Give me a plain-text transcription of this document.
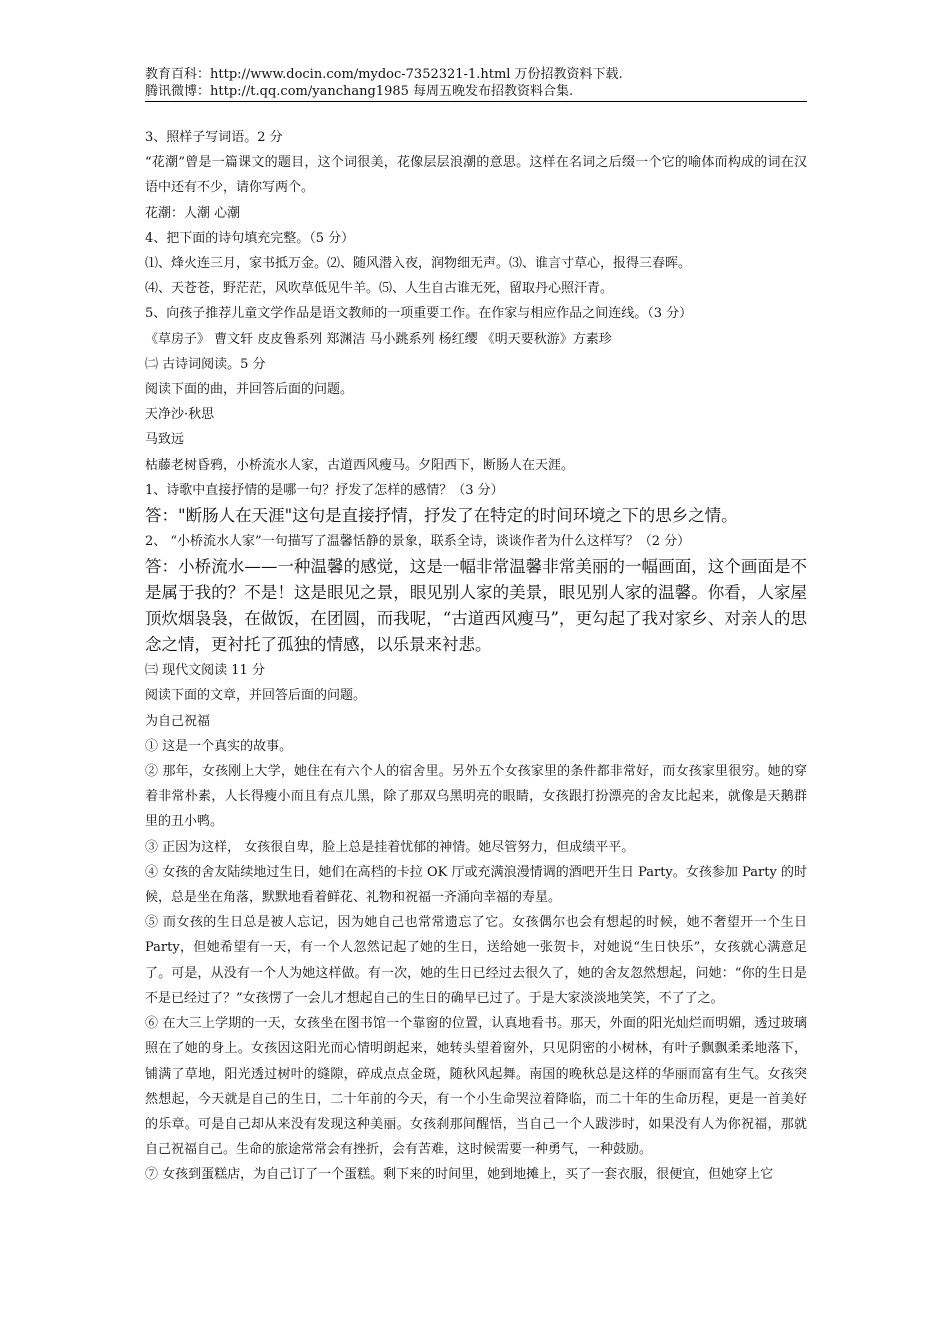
教育百科：http://www.docin.com/mydoc-7352321-1.html 万份招教资料下载.
腾讯微博：http://t.qq.com/yanchang1985 每周五晚发布招教资料合集.

3、照样子写词语。2 分

“花潮”曾是一篇课文的题目，这个词很美，花像层层浪潮的意思。这样在名词之后缀一个它的喻体而构成的词在汉语中还有不少，请你写两个。

花潮：人潮 心潮

4、把下面的诗句填充完整。（5 分）

⑴、烽火连三月，家书抵万金。⑵、随风潜入夜，润物细无声。⑶、谁言寸草心，报得三春晖。

⑷、天苍苍，野茫茫，风吹草低见牛羊。⑸、人生自古谁无死，留取丹心照汗青。

5、向孩子推荐儿童文学作品是语文教师的一项重要工作。在作家与相应作品之间连线。（3 分）

《草房子》 曹文轩 皮皮鲁系列 郑渊洁 马小跳系列 杨红缨 《明天要秋游》方素珍

㈡ 古诗词阅读。5 分

阅读下面的曲，并回答后面的问题。

天净沙·秋思

马致远

枯藤老树昏鸦，小桥流水人家，古道西风瘦马。夕阳西下，断肠人在天涯。

1、诗歌中直接抒情的是哪一句？抒发了怎样的感情？（3 分）

答："断肠人在天涯"这句是直接抒情，抒发了在特定的时间环境之下的思乡之情。

2、 “小桥流水人家”一句描写了温馨恬静的景象，联系全诗，谈谈作者为什么这样写？（2 分）

答：小桥流水——一种温馨的感觉，这是一幅非常温馨非常美丽的一幅画面，这个画面是不是属于我的？不是！这是眼见之景，眼见别人家的美景，眼见别人家的温馨。你看，人家屋顶炊烟袅袅，在做饭，在团圆，而我呢，“古道西风瘦马”，更勾起了我对家乡、对亲人的思念之情，更衬托了孤独的情感，以乐景来衬悲。

㈢ 现代文阅读 11 分

阅读下面的文章，并回答后面的问题。

为自己祝福

① 这是一个真实的故事。

② 那年，女孩刚上大学，她住在有六个人的宿舍里。另外五个女孩家里的条件都非常好，而女孩家里很穷。她的穿着非常朴素，人长得瘦小而且有点儿黑，除了那双乌黑明亮的眼睛，女孩跟打扮漂亮的舍友比起来，就像是天鹅群里的丑小鸭。

③ 正因为这样， 女孩很自卑，脸上总是挂着忧郁的神情。她尽管努力，但成绩平平。

④ 女孩的舍友陆续地过生日，她们在高档的卡拉 OK 厅或充满浪漫情调的酒吧开生日 Party。女孩参加 Party 的时候，总是坐在角落，默默地看着鲜花、礼物和祝福一齐涌向幸福的寿星。

⑤ 而女孩的生日总是被人忘记，因为她自己也常常遗忘了它。女孩偶尔也会有想起的时候，她不奢望开一个生日 Party，但她希望有一天，有一个人忽然记起了她的生日，送给她一张贺卡，对她说“生日快乐”，女孩就心满意足了。可是，从没有一个人为她这样做。有一次，她的生日已经过去很久了，她的舍友忽然想起，问她：“你的生日是不是已经过了？”女孩愣了一会儿才想起自己的生日的确早已过了。于是大家淡淡地笑笑，不了了之。

⑥ 在大三上学期的一天，女孩坐在图书馆一个靠窗的位置，认真地看书。那天，外面的阳光灿烂而明媚，透过玻璃照在了她的身上。女孩因这阳光而心情明朗起来，她转头望着窗外，只见阴密的小树林，有叶子飘飘柔柔地落下，铺满了草地，阳光透过树叶的缝隙，碎成点点金斑，随秋风起舞。南国的晚秋总是这样的华丽而富有生气。女孩突然想起，今天就是自己的生日，二十年前的今天，有一个小生命哭泣着降临，而二十年的生命历程，更是一首美好的乐章。可是自己却从来没有发现这种美丽。女孩刹那间醒悟，当自己一个人跋涉时，如果没有人为你祝福，那就自己祝福自己。生命的旅途常常会有挫折，会有苦难，这时候需要一种勇气，一种鼓励。

⑦ 女孩到蛋糕店，为自己订了一个蛋糕。剩下来的时间里，她到地摊上，买了一套衣服，很便宜，但她穿上它
